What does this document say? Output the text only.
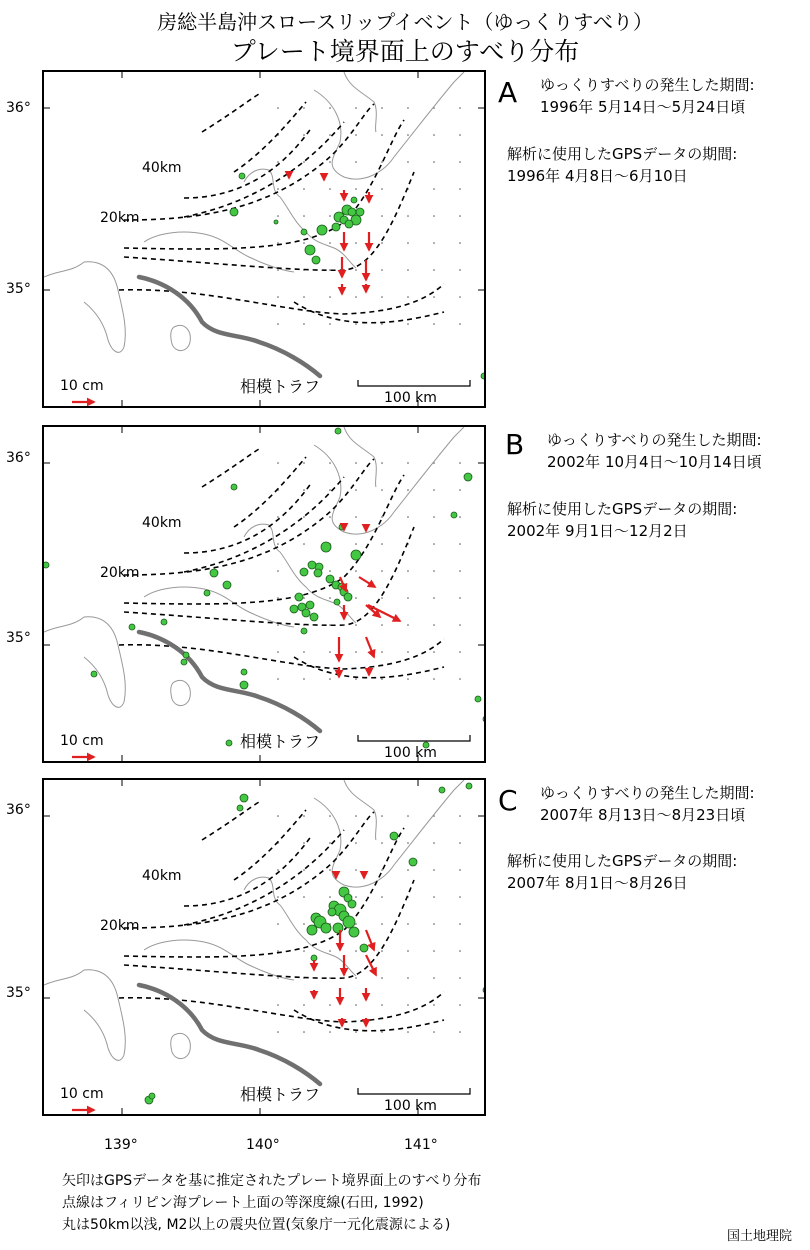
房総半島沖スロースリップイベント（ゆっくりすべり）
プレート境界面上のすべり分布
40km
20km
10 cm	相模トラフ
100 km
A ゆっくりすべりの発生した期間:
1996年 5月14日～5月24日頃
解析に使用したGPSデータの期間:
1996年 4月8日～6月10日
40km
20km
10 cm	相模トラフ
100 km
B ゆっくりすべりの発生した期間:
2002年 10月4日～10月14日頃
解析に使用したGPSデータの期間:
2002年 9月1日～12月2日
40km
20km
10 cm	相模トラフ
100 km
C ゆっくりすべりの発生した期間:
2007年 8月13日～8月23日頃
解析に使用したGPSデータの期間:
2007年 8月1日～8月26日
36°
35°
36°
35°
36°
35°
139°	140°	141°
矢印はGPSデータを基に推定されたプレート境界面上のすべり分布
点線はフィリピン海プレート上面の等深度線(石田, 1992)
丸は50km以浅, M2以上の震央位置(気象庁一元化震源による)
国土地理院
